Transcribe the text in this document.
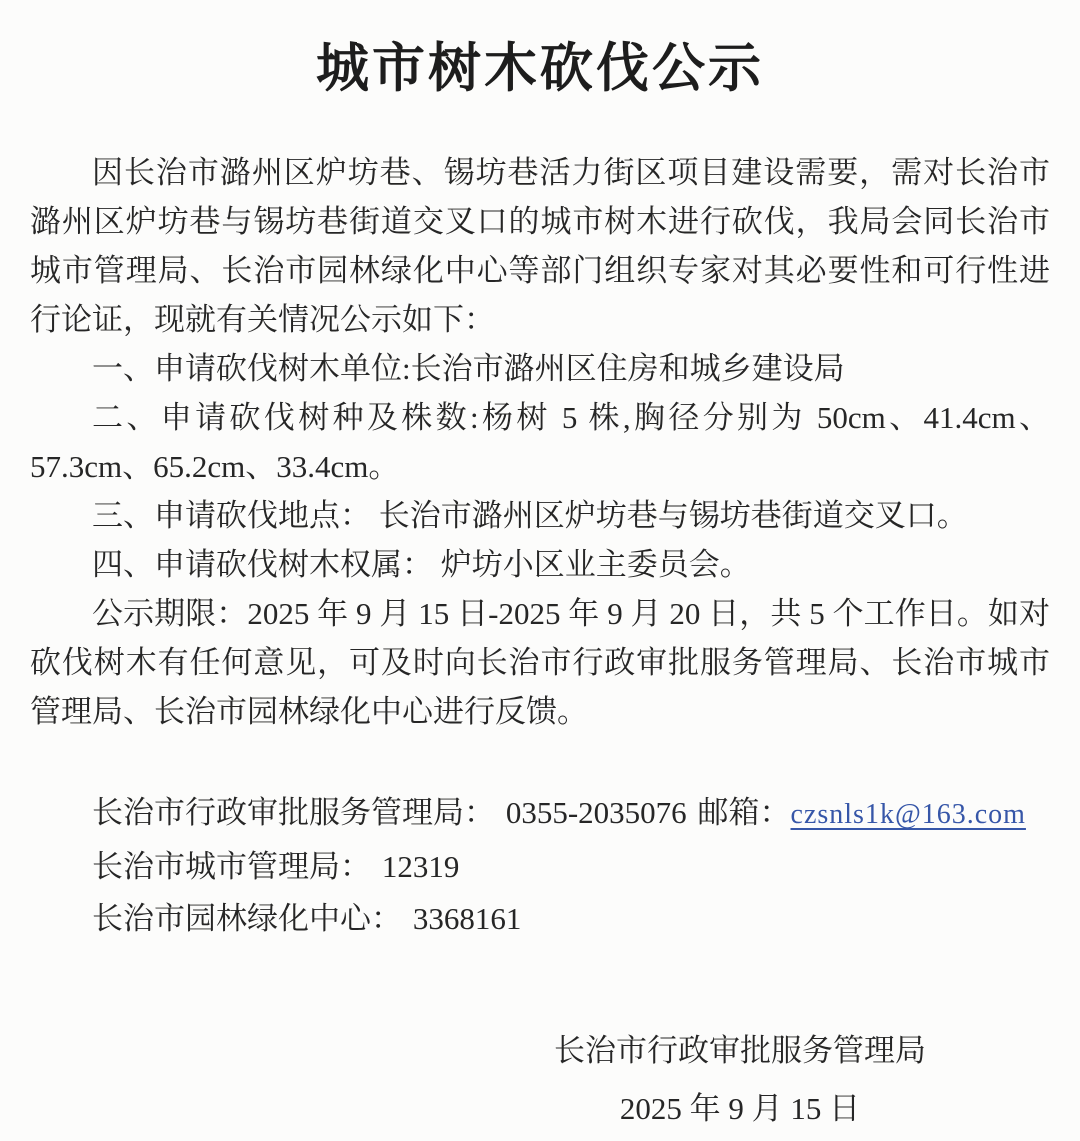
城市树木砍伐公示

因长治市潞州区炉坊巷、锡坊巷活力街区项目建设需要，需对长治市潞州区炉坊巷与锡坊巷街道交叉口的城市树木进行砍伐，我局会同长治市城市管理局、长治市园林绿化中心等部门组织专家对其必要性和可行性进行论证，现就有关情况公示如下：

一、申请砍伐树木单位:长治市潞州区住房和城乡建设局

二、申请砍伐树种及株数:杨树 5 株,胸径分别为 50cm、41.4cm、57.3cm、65.2cm、33.4cm。

三、申请砍伐地点： 长治市潞州区炉坊巷与锡坊巷街道交叉口。

四、申请砍伐树木权属： 炉坊小区业主委员会。

公示期限：2025 年 9 月 15 日-2025 年 9 月 20 日，共 5 个工作日。如对砍伐树木有任何意见，可及时向长治市行政审批服务管理局、长治市城市管理局、长治市园林绿化中心进行反馈。

长治市行政审批服务管理局： 0355-2035076 邮箱：czsnls1k@163.com

长治市城市管理局： 12319

长治市园林绿化中心： 3368161

长治市行政审批服务管理局

2025 年 9 月 15 日
